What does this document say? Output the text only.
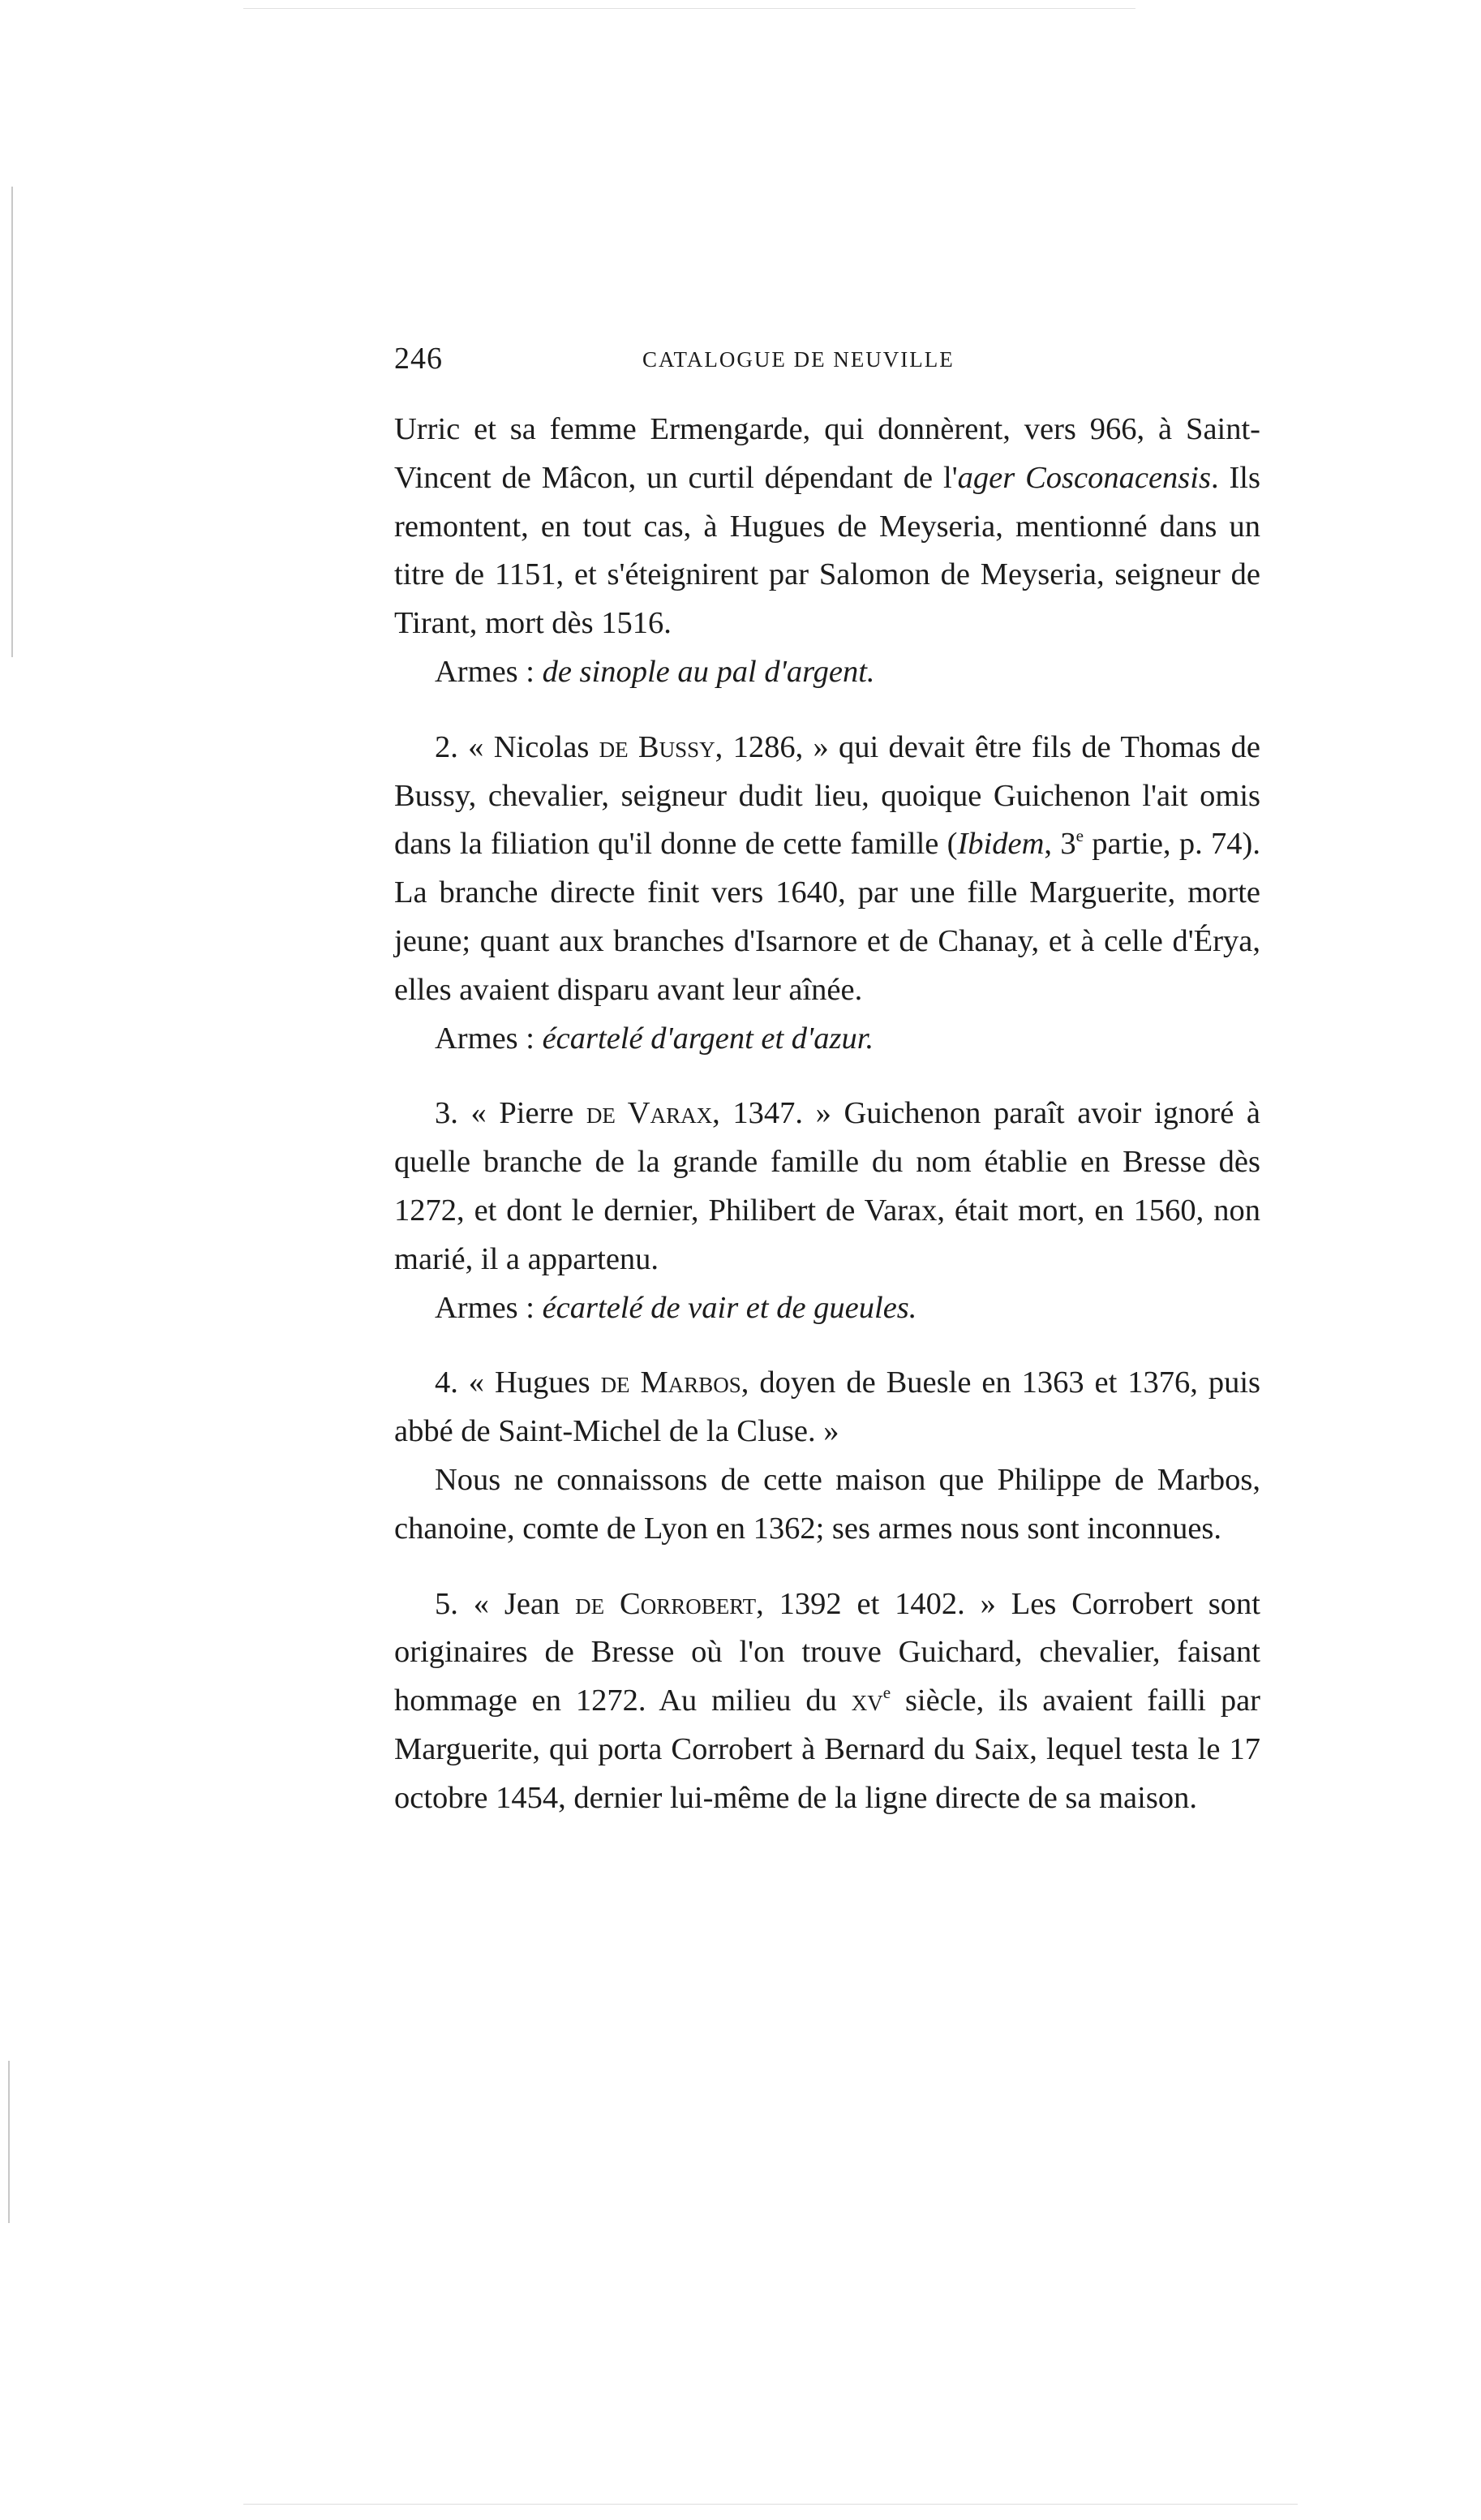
246	CATALOGUE DE NEUVILLE

Urric et sa femme Ermengarde, qui donnèrent, vers 966, à Saint-Vincent de Mâcon, un curtil dépendant de l'ager Cosconacensis. Ils remontent, en tout cas, à Hugues de Meyseria, mentionné dans un titre de 1151, et s'éteignirent par Salomon de Meyseria, seigneur de Tirant, mort dès 1516.

Armes : de sinople au pal d'argent.

2. « Nicolas de Bussy, 1286, » qui devait être fils de Thomas de Bussy, chevalier, seigneur dudit lieu, quoique Guichenon l'ait omis dans la filiation qu'il donne de cette famille (Ibidem, 3e partie, p. 74). La branche directe finit vers 1640, par une fille Marguerite, morte jeune; quant aux branches d'Isarnore et de Chanay, et à celle d'Érya, elles avaient disparu avant leur aînée.

Armes : écartelé d'argent et d'azur.

3. « Pierre de Varax, 1347. » Guichenon paraît avoir ignoré à quelle branche de la grande famille du nom établie en Bresse dès 1272, et dont le dernier, Philibert de Varax, était mort, en 1560, non marié, il a appartenu.

Armes : écartelé de vair et de gueules.

4. « Hugues de Marbos, doyen de Buesle en 1363 et 1376, puis abbé de Saint-Michel de la Cluse. »

Nous ne connaissons de cette maison que Philippe de Marbos, chanoine, comte de Lyon en 1362; ses armes nous sont inconnues.

5. « Jean de Corrobert, 1392 et 1402. » Les Corrobert sont originaires de Bresse où l'on trouve Guichard, chevalier, faisant hommage en 1272. Au milieu du $xv^e$ siècle, ils avaient failli par Marguerite, qui porta Corrobert à Bernard du Saix, lequel testa le 17 octobre 1454, dernier lui-même de la ligne directe de sa maison.
